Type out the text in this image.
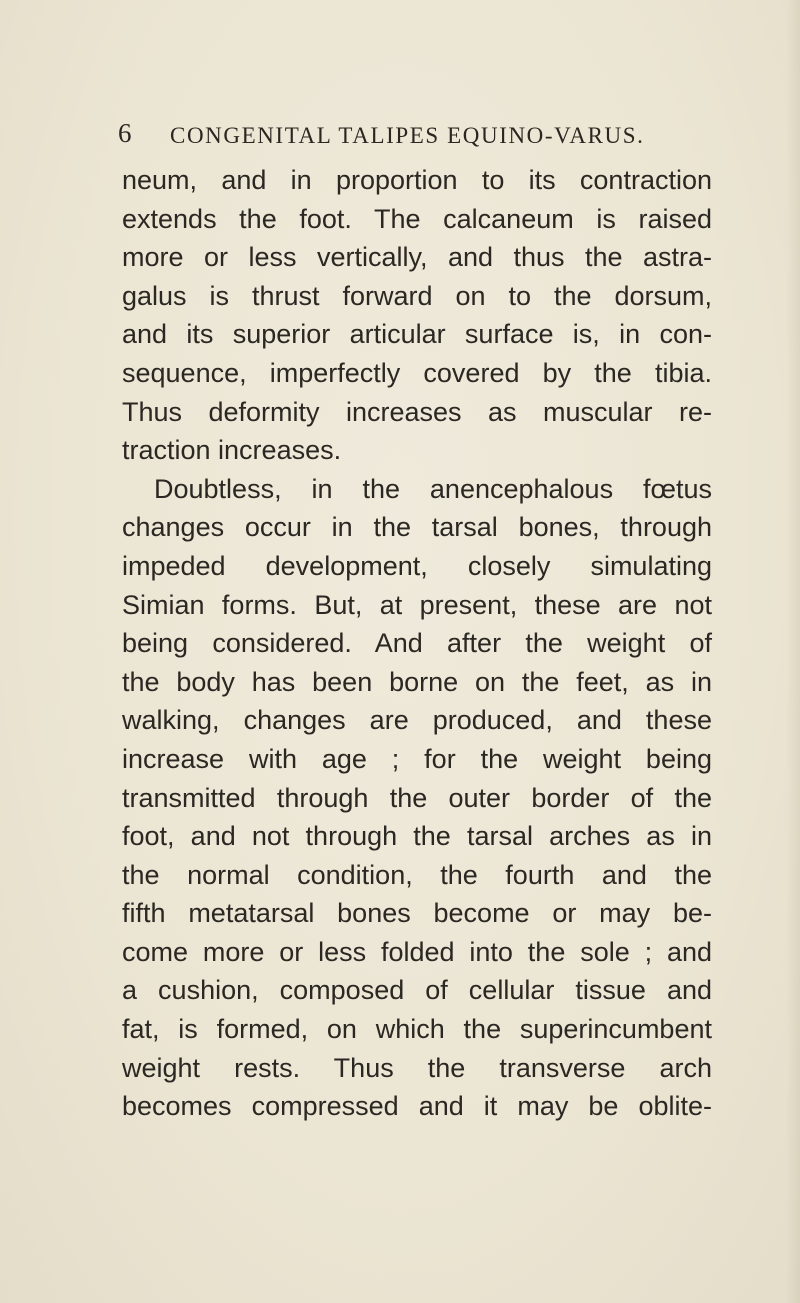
6 CONGENITAL TALIPES EQUINO-VARUS.
neum, and in proportion to its contraction
extends the foot. The calcaneum is raised
more or less vertically, and thus the astra-
galus is thrust forward on to the dorsum,
and its superior articular surface is, in con-
sequence, imperfectly covered by the tibia.
Thus deformity increases as muscular re-
traction increases.
Doubtless, in the anencephalous fœtus
changes occur in the tarsal bones, through
impeded development, closely simulating
Simian forms. But, at present, these are not
being considered. And after the weight of
the body has been borne on the feet, as in
walking, changes are produced, and these
increase with age ; for the weight being
transmitted through the outer border of the
foot, and not through the tarsal arches as in
the normal condition, the fourth and the
fifth metatarsal bones become or may be-
come more or less folded into the sole ; and
a cushion, composed of cellular tissue and
fat, is formed, on which the superincumbent
weight rests. Thus the transverse arch
becomes compressed and it may be oblite-
